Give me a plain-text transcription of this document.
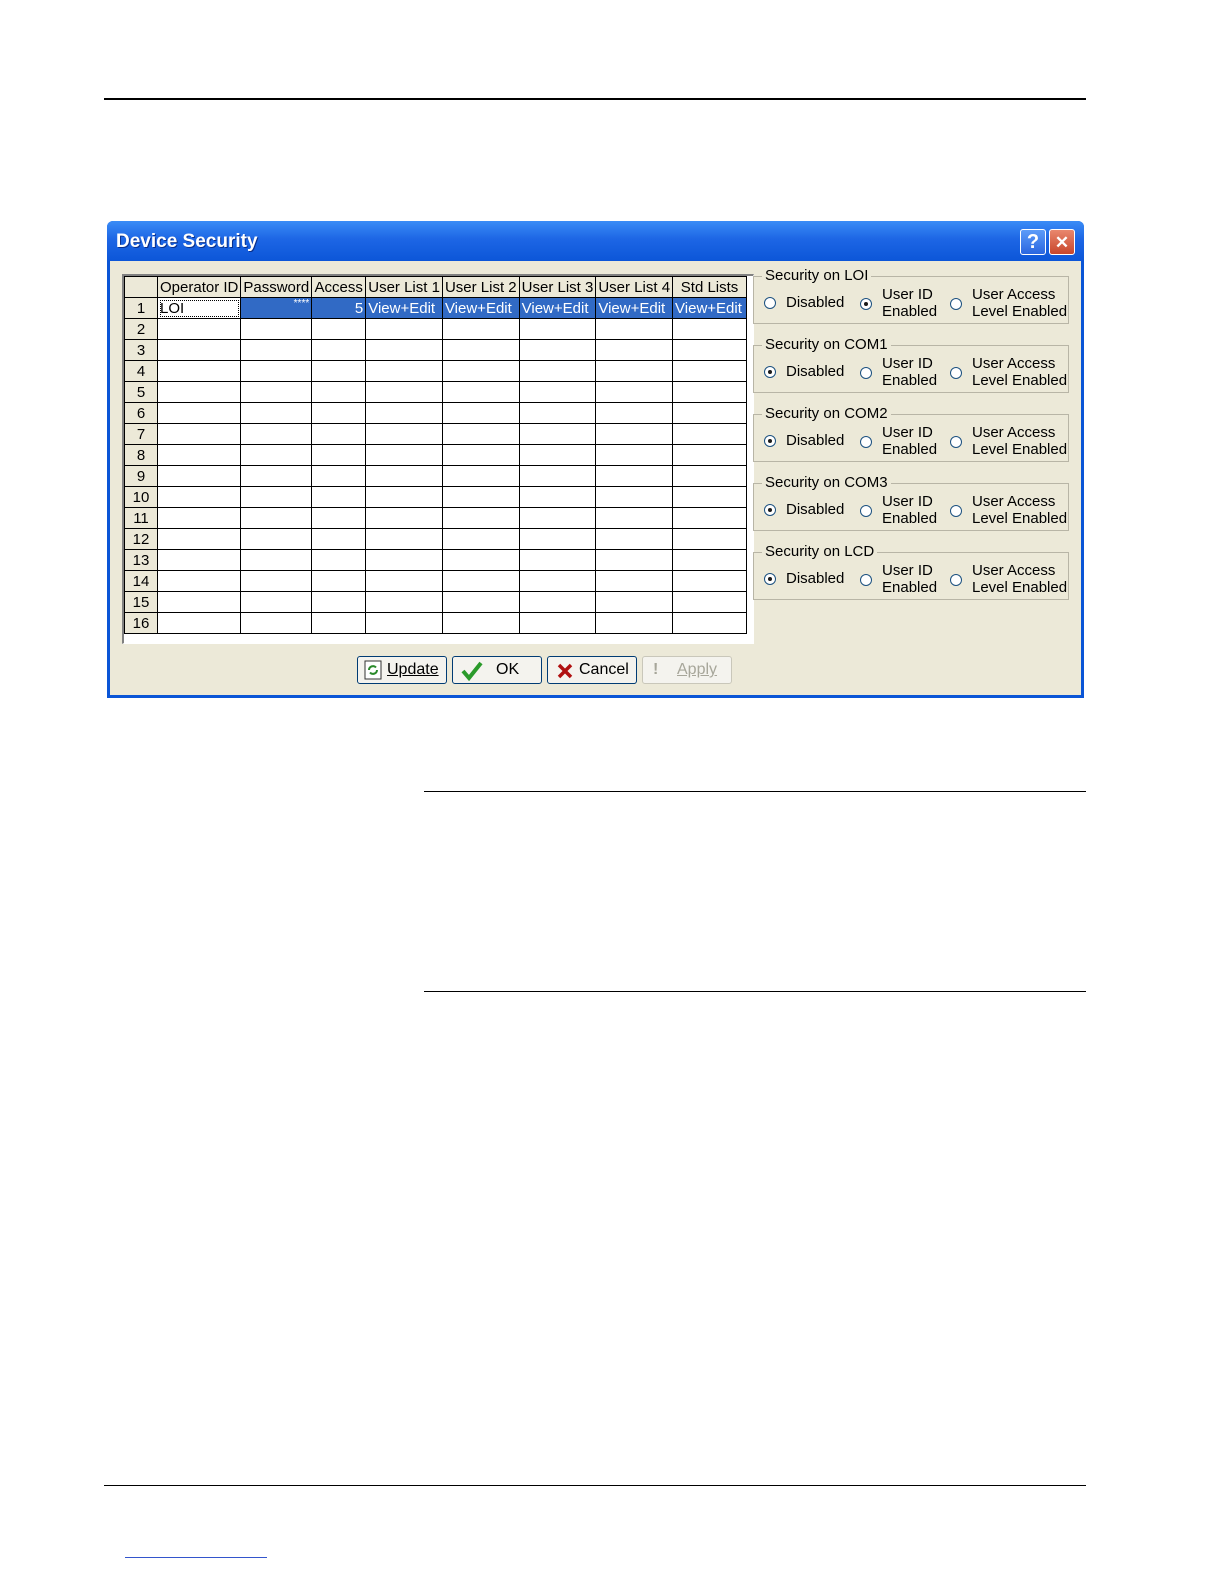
Device Security	? ✕
	Operator ID	Password	Access	User List 1	User List 2	User List 3	User List 4	Std Lists
1	LOI	****	5	View+Edit	View+Edit	View+Edit	View+Edit	View+Edit
2								
3								
4								
5								
6								
7								
8								
9								
10								
11								
12								
13								
14								
15								
16								
Security on LOI
Disabled	User ID
Enabled
User Access
Level Enabled
Security on COM1
Disabled	User ID
Enabled
User Access
Level Enabled
Security on COM2
Disabled	User ID
Enabled
User Access
Level Enabled
Security on COM3
Disabled	User ID
Enabled
User Access
Level Enabled
Security on LCD
Disabled	User ID
Enabled
User Access
Level Enabled
Update	OK	Cancel ! Apply
